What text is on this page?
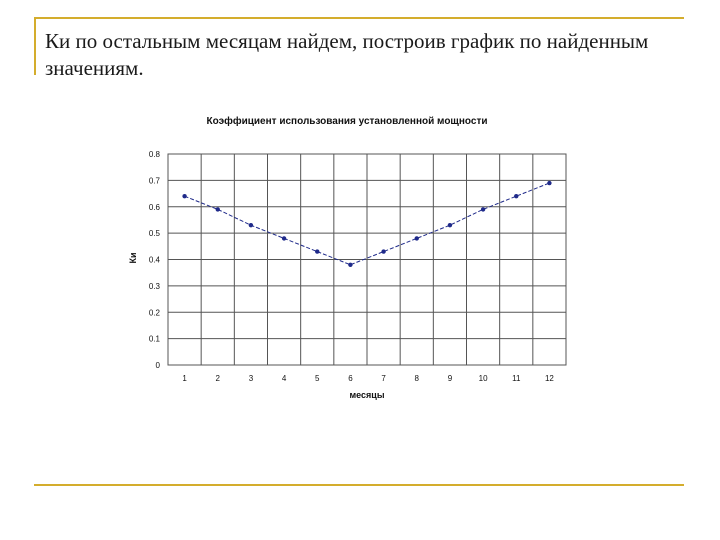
Ки по остальным месяцам найдем, построив график по найденным значениям.
Коэффициент использования установленной мощности
0
0.1
0.2
0.3
0.4
0.5
0.6
0.7
0.8
1	2	3	4	5	6	7	8	9	10	11	12
месяцы
Ки
